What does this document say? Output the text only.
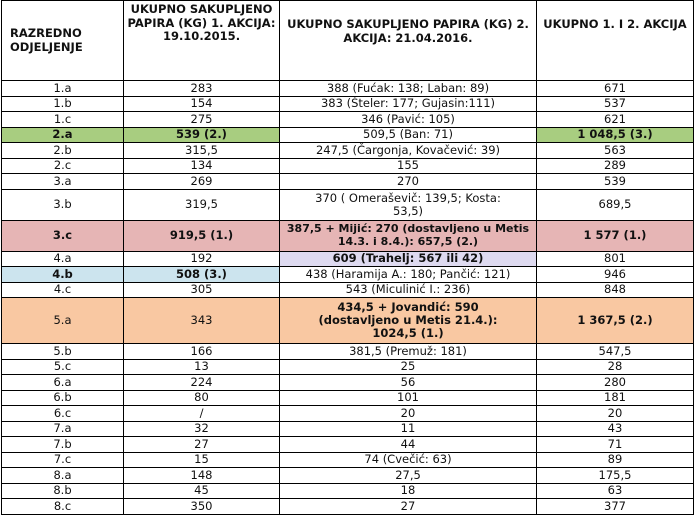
RAZREDNO ODJELJENJE	UKUPNO SAKUPLJENO PAPIRA (KG) 1. AKCIJA: 19.10.2015.	UKUPNO SAKUPLJENO PAPIRA (KG) 2. AKCIJA: 21.04.2016.	UKUPNO 1. I 2. AKCIJA
1.a	283	388 (Fućak: 138; Laban: 89)	671
1.b	154	383 (Šteler: 177; Gujasin:111)	537
1.c	275	346 (Pavić: 105)	621
2.a	539 (2.)	509,5 (Ban: 71)	1 048,5 (3.)
2.b	315,5	247,5 (Čargonja, Kovačević: 39)	563
2.c	134	155	289
3.a	269	270	539
3.b	319,5	370 ( Omeraševič: 139,5; Kosta: 53,5)	689,5
3.c	919,5 (1.)	387,5 + Mijić: 270 (dostavljeno u Metis 14.3. i 8.4.): 657,5 (2.)	1 577 (1.)
4.a	192	609 (Trahelj: 567 ili 42)	801
4.b	508 (3.)	438 (Haramija A.: 180; Pančić: 121)	946
4.c	305	543 (Miculinić I.: 236)	848
5.a	343	434,5 + Jovandić: 590 (dostavljeno u Metis 21.4.): 1024,5 (1.)	1 367,5 (2.)
5.b	166	381,5 (Premuž: 181)	547,5
5.c	13	25	28
6.a	224	56	280
6.b	80	101	181
6.c	/	20	20
7.a	32	11	43
7.b	27	44	71
7.c	15	74 (Cvečić: 63)	89
8.a	148	27,5	175,5
8.b	45	18	63
8.c	350	27	377
